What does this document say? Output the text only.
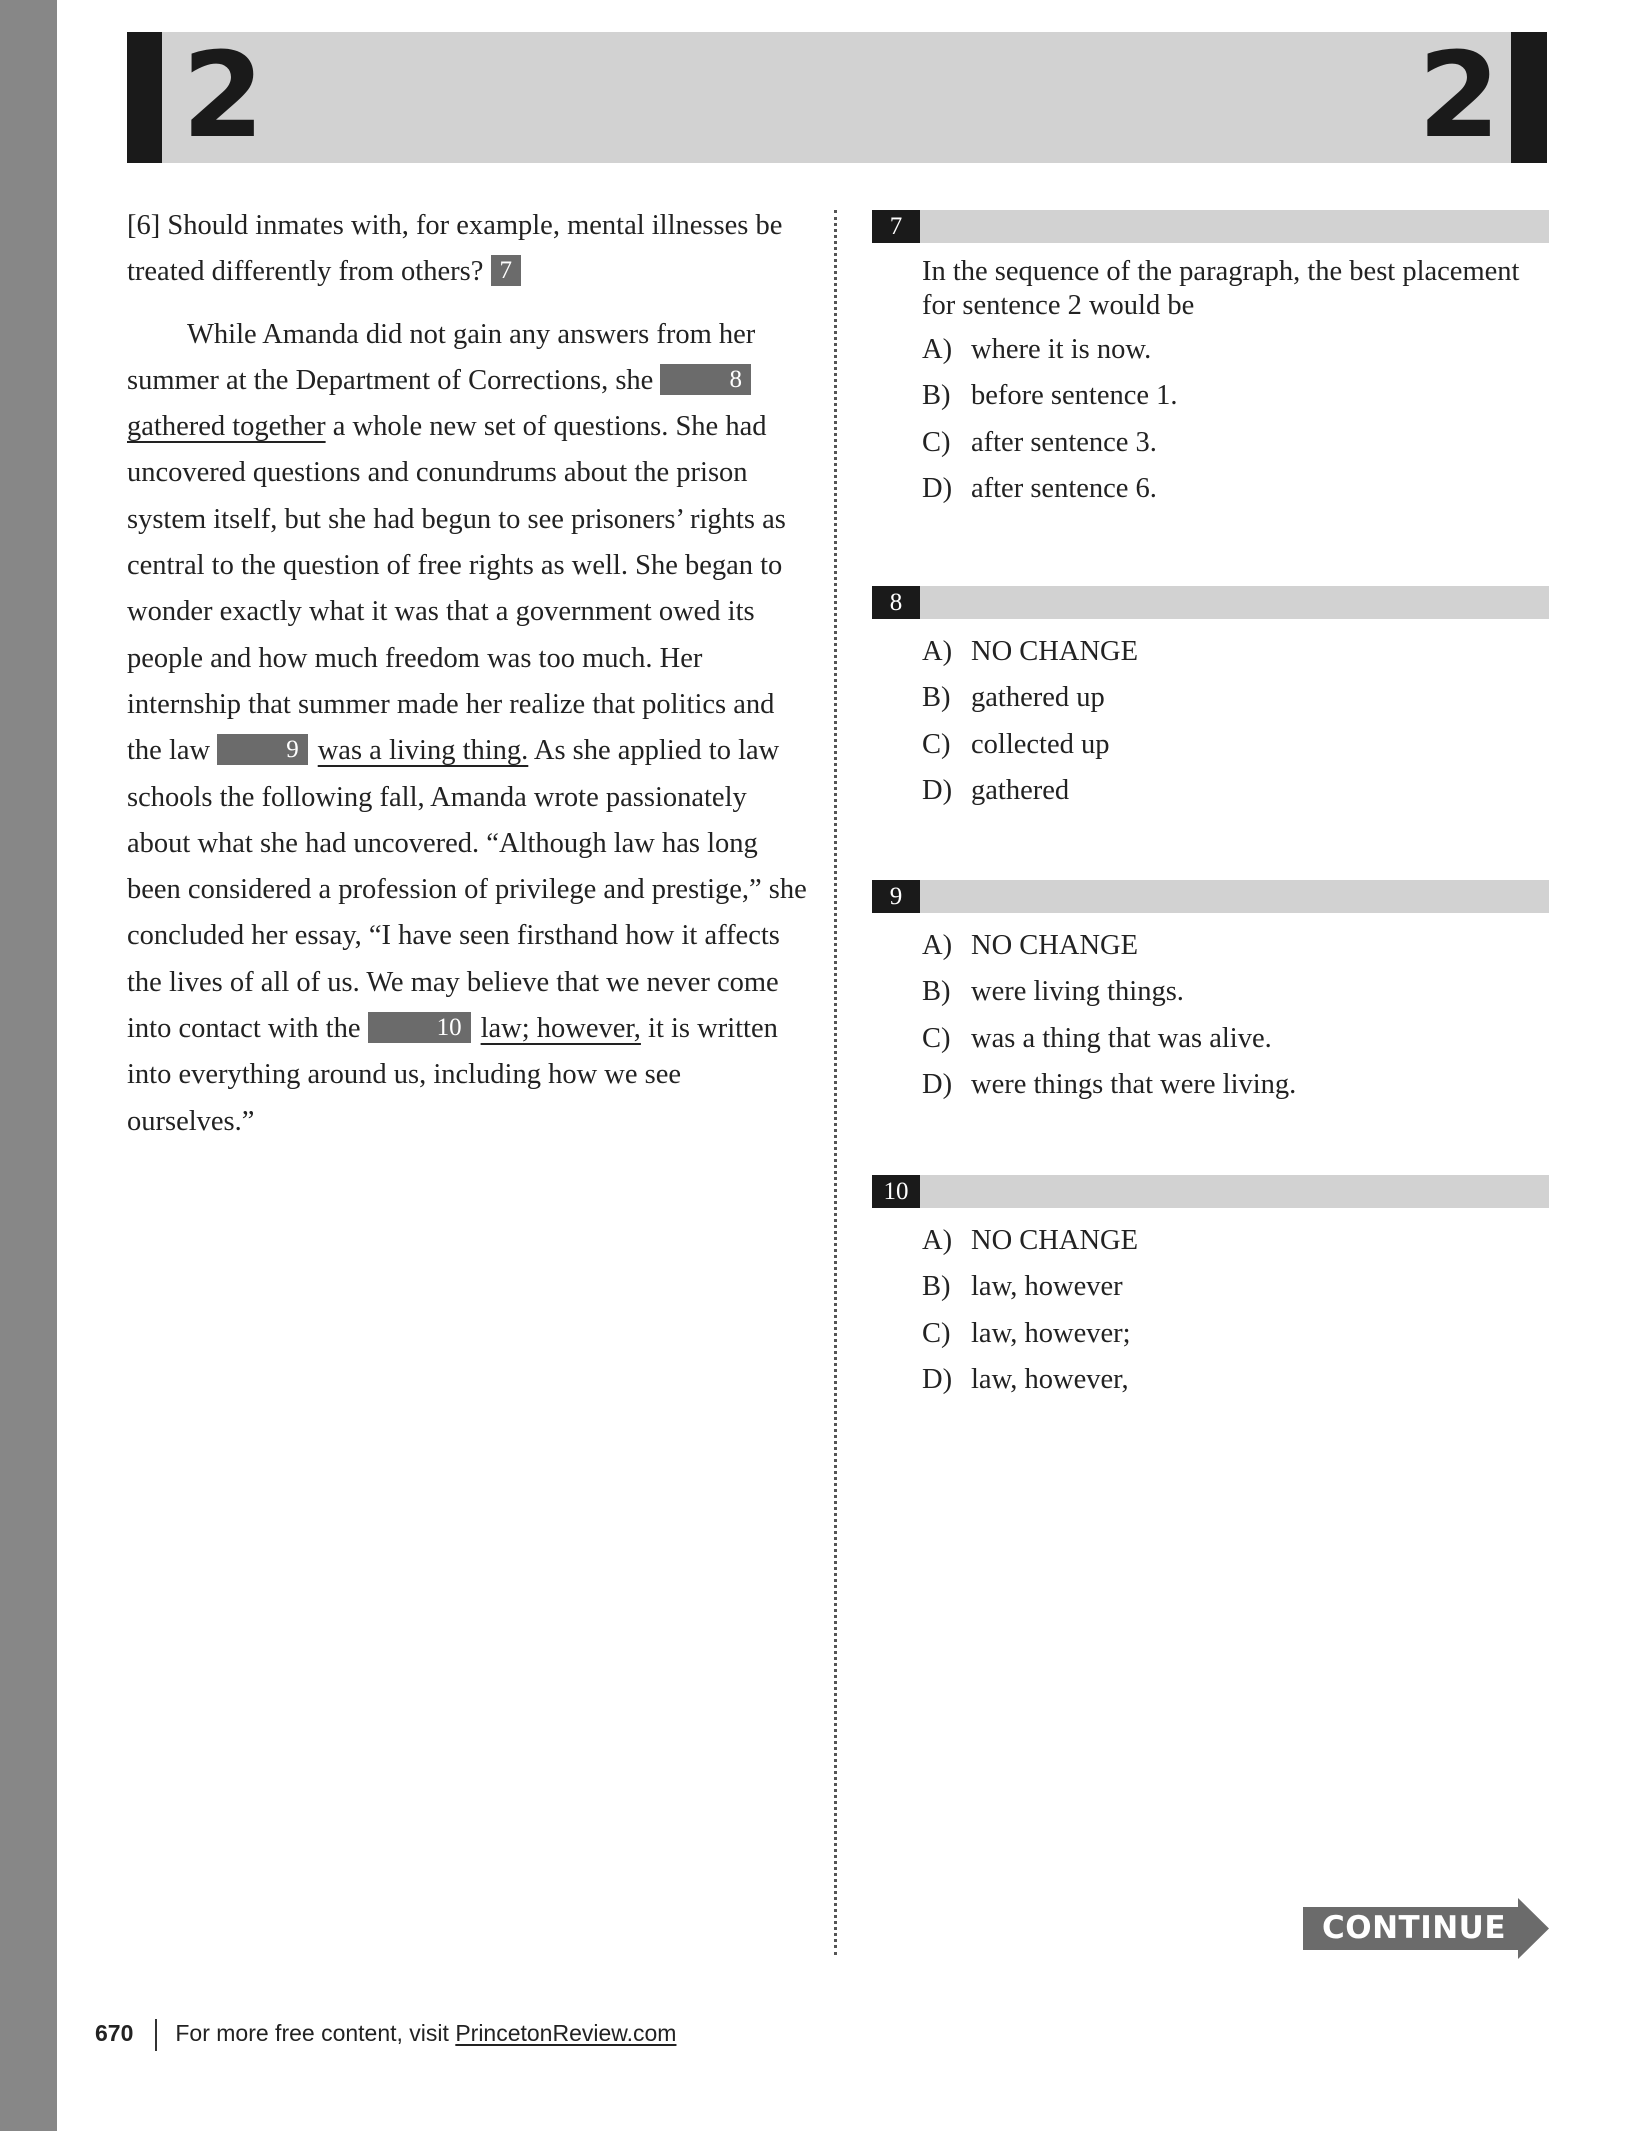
2	2

[6] Should inmates with, for example, mental illnesses be treated differently from others? 7

While Amanda did not gain any answers from her summer at the Department of Corrections, she	8gathered together a whole new set of questions. She had uncovered questions and conundrums about the prison system itself, but she had begun to see prisoners’ rights as central to the question of free rights as well. She began to wonder exactly what it was that a government owed its people and how much freedom was too much. Her internship that summer made her realize that politics and the law	9 was a living thing. As she applied to law schools the following fall, Amanda wrote passionately about what she had uncovered. “Although law has long been considered a profession of privilege and prestige,” she concluded her essay, “I have seen firsthand how it affects the lives of all of us. We may believe that we never come into contact with the	10 law; however, it is written into everything around us, including how we see ourselves.”

7
In the sequence of the paragraph, the best placement for sentence 2 would be
A) where it is now.
B) before sentence 1.
C) after sentence 3.
D) after sentence 6.
8
A) NO CHANGE
B) gathered up
C) collected up
D) gathered
9
A) NO CHANGE
B) were living things.
C) was a thing that was alive.
D) were things that were living.
10
A) NO CHANGE
B) law, however
C) law, however;
D) law, however,
CONTINUE
670 For more free content, visit PrincetonReview.com
